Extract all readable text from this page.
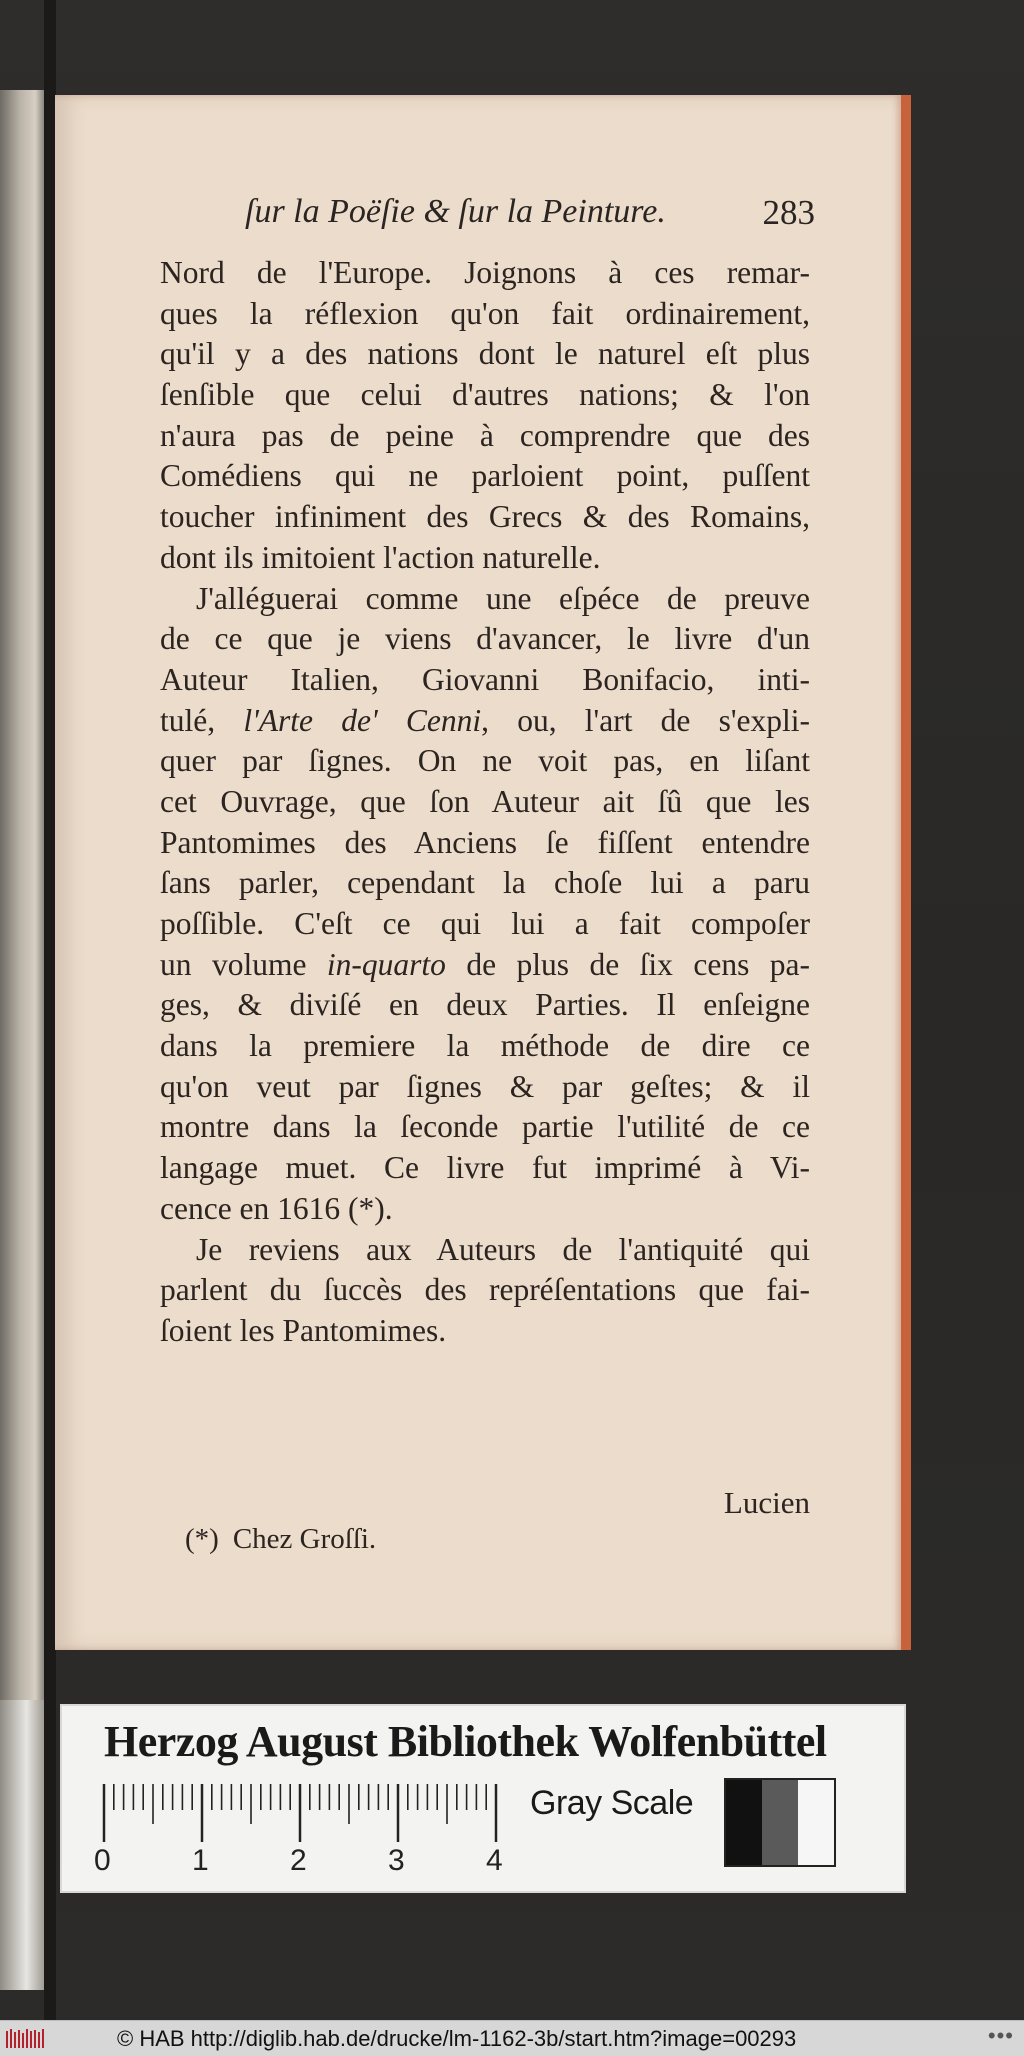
ſur la Poëſie & ſur la Peinture.	283
Nord de l'Europe. Joignons à ces remar-
ques la réflexion qu'on fait ordinairement,
qu'il y a des nations dont le naturel eſt plus
ſenſible que celui d'autres nations; & l'on
n'aura pas de peine à comprendre que des
Comédiens qui ne parloient point, puſſent
toucher infiniment des Grecs & des Romains,
dont ils imitoient l'action naturelle.
J'alléguerai comme une eſpéce de preuve
de ce que je viens d'avancer, le livre d'un
Auteur Italien, Giovanni Bonifacio, inti-
tulé, l'Arte de' Cenni, ou, l'art de s'expli-
quer par ſignes. On ne voit pas, en liſant
cet Ouvrage, que ſon Auteur ait ſû que les
Pantomimes des Anciens ſe fiſſent entendre
ſans parler, cependant la choſe lui a paru
poſſible. C'eſt ce qui lui a fait compoſer
un volume in-quarto de plus de ſix cens pa-
ges, & diviſé en deux Parties. Il enſeigne
dans la premiere la méthode de dire ce
qu'on veut par ſignes & par geſtes; & il
montre dans la ſeconde partie l'utilité de ce
langage muet. Ce livre fut imprimé à Vi-
cence en 1616 (*).
Je reviens aux Auteurs de l'antiquité qui
parlent du ſuccès des repréſentations que fai-
ſoient les Pantomimes.
Lucien
(*) Chez Groſſi.
Herzog August Bibliothek Wolfenbüttel
0	1	2	3	4
Gray Scale
© HAB http://diglib.hab.de/drucke/lm-1162-3b/start.htm?image=00293	•••
